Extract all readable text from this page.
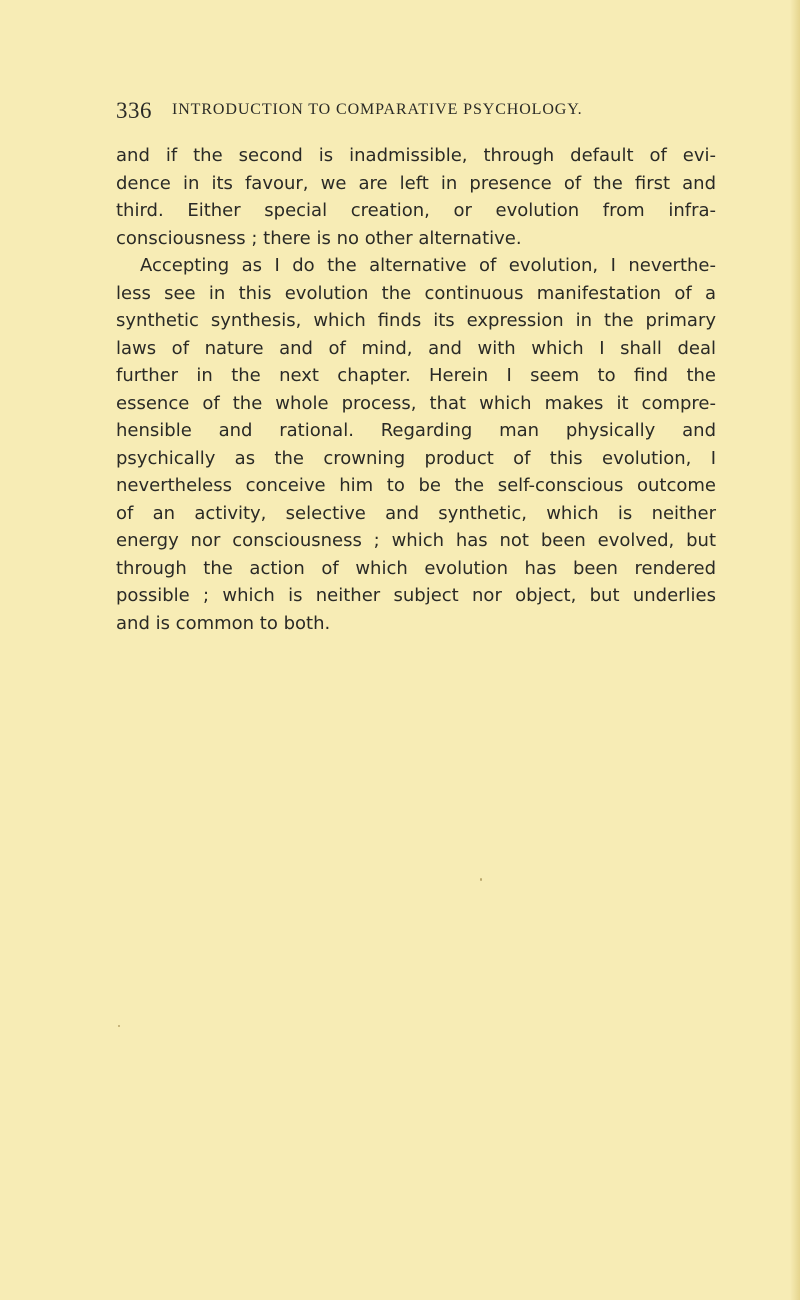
336 INTRODUCTION TO COMPARATIVE PSYCHOLOGY.
and if the second is inadmissible, through default of evi-
dence in its favour, we are left in presence of the first and
third. Either special creation, or evolution from infra-
consciousness ; there is no other alternative.
Accepting as I do the alternative of evolution, I neverthe-
less see in this evolution the continuous manifestation of a
synthetic synthesis, which finds its expression in the primary
laws of nature and of mind, and with which I shall deal
further in the next chapter. Herein I seem to find the
essence of the whole process, that which makes it compre-
hensible and rational. Regarding man physically and
psychically as the crowning product of this evolution, I
nevertheless conceive him to be the self-conscious outcome
of an activity, selective and synthetic, which is neither
energy nor consciousness ; which has not been evolved, but
through the action of which evolution has been rendered
possible ; which is neither subject nor object, but underlies
and is common to both.
